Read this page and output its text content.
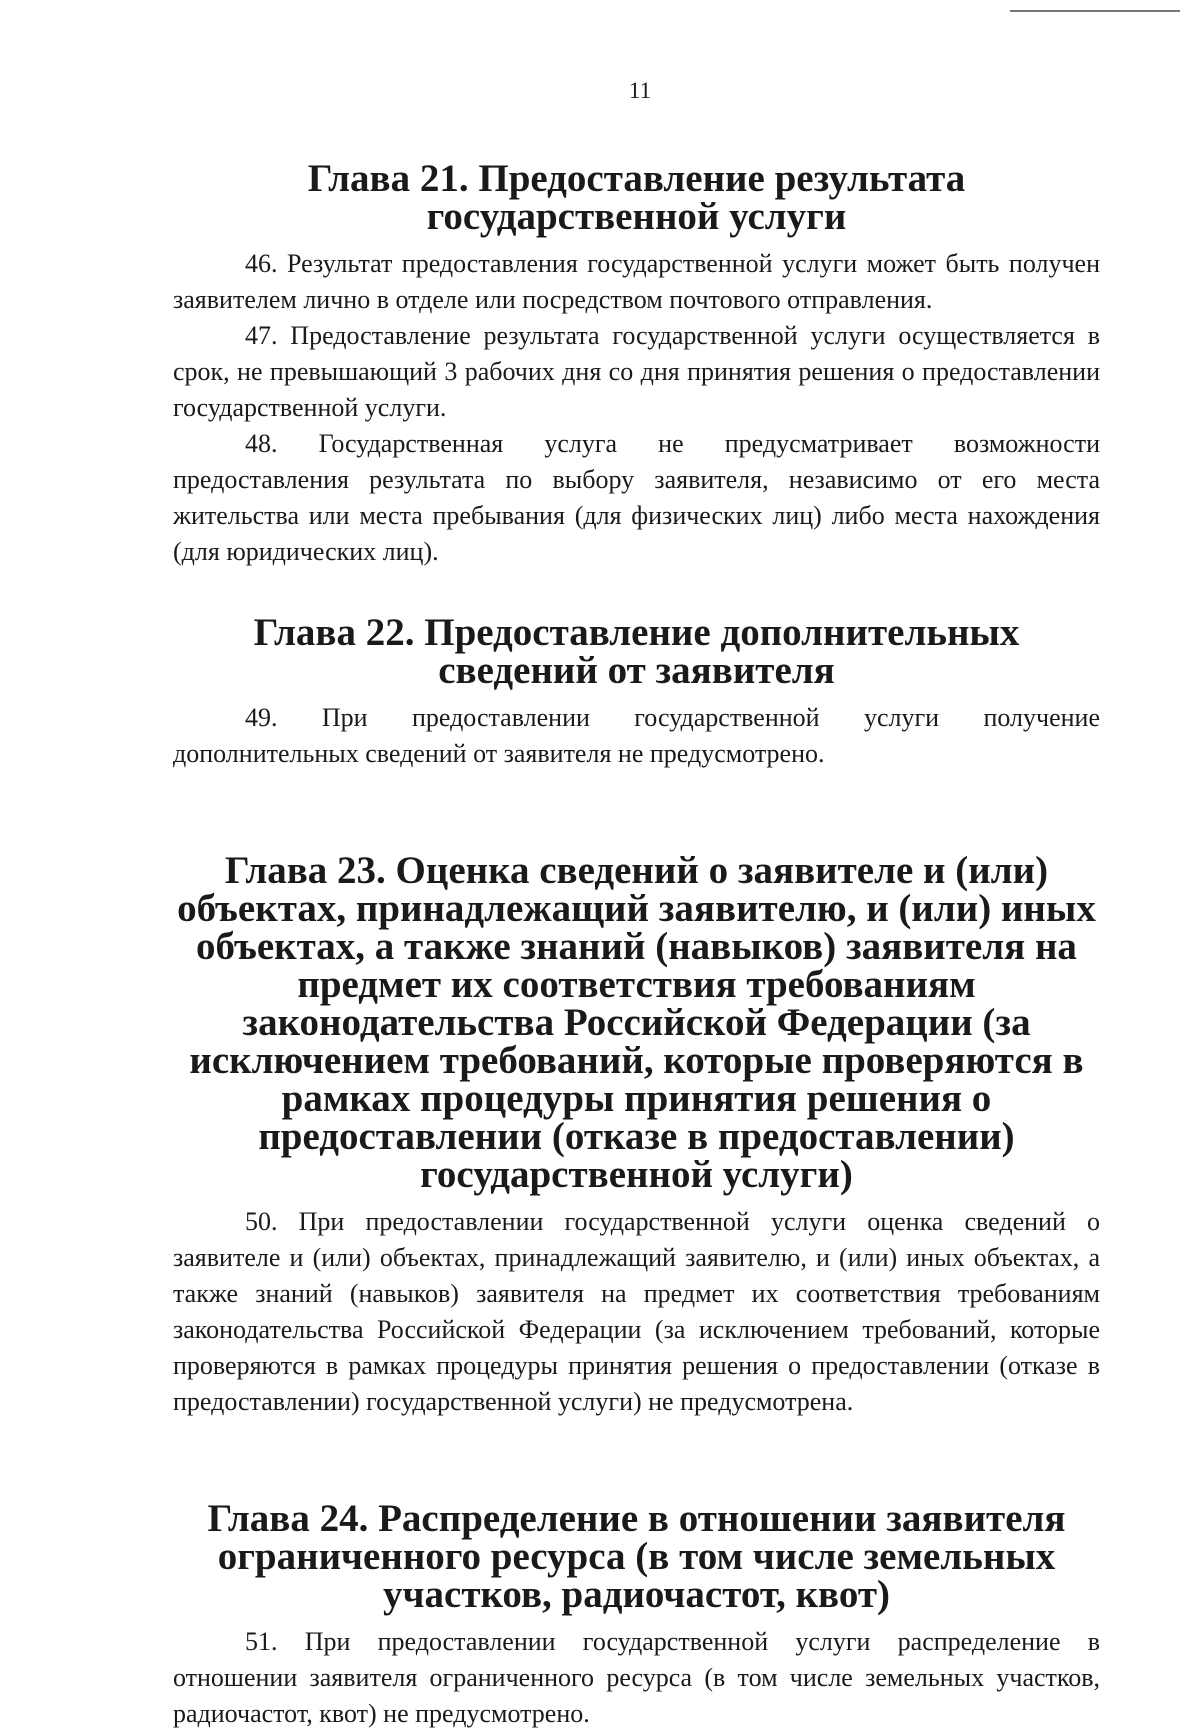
11
Глава 21. Предоставление результата государственной услуги

46. Результат предоставления государственной услуги может быть получен заявителем лично в отделе или посредством почтового отправления.

47. Предоставление результата государственной услуги осуществляется в срок, не превышающий 3 рабочих дня со дня принятия решения о предоставлении государственной услуги.

48. Государственная услуга не предусматривает возможности предоставления результата по выбору заявителя, независимо от его места жительства или места пребывания (для физических лиц) либо места нахождения (для юридических лиц).

Глава 22. Предоставление дополнительных сведений от заявителя

49. При предоставлении государственной услуги получение дополнительных сведений от заявителя не предусмотрено.

Глава 23. Оценка сведений о заявителе и (или) объектах, принадлежащий заявителю, и (или) иных объектах, а также знаний (навыков) заявителя на предмет их соответствия требованиям законодательства Российской Федерации (за исключением требований, которые проверяются в рамках процедуры принятия решения о предоставлении (отказе в предоставлении) государственной услуги)

50. При предоставлении государственной услуги оценка сведений о заявителе и (или) объектах, принадлежащий заявителю, и (или) иных объектах, а также знаний (навыков) заявителя на предмет их соответствия требованиям законодательства Российской Федерации (за исключением требований, которые проверяются в рамках процедуры принятия решения о предоставлении (отказе в предоставлении) государственной услуги) не предусмотрена.

Глава 24. Распределение в отношении заявителя ограниченного ресурса (в том числе земельных участков, радиочастот, квот)

51. При предоставлении государственной услуги распределение в отношении заявителя ограниченного ресурса (в том числе земельных участков, радиочастот, квот) не предусмотрено.
